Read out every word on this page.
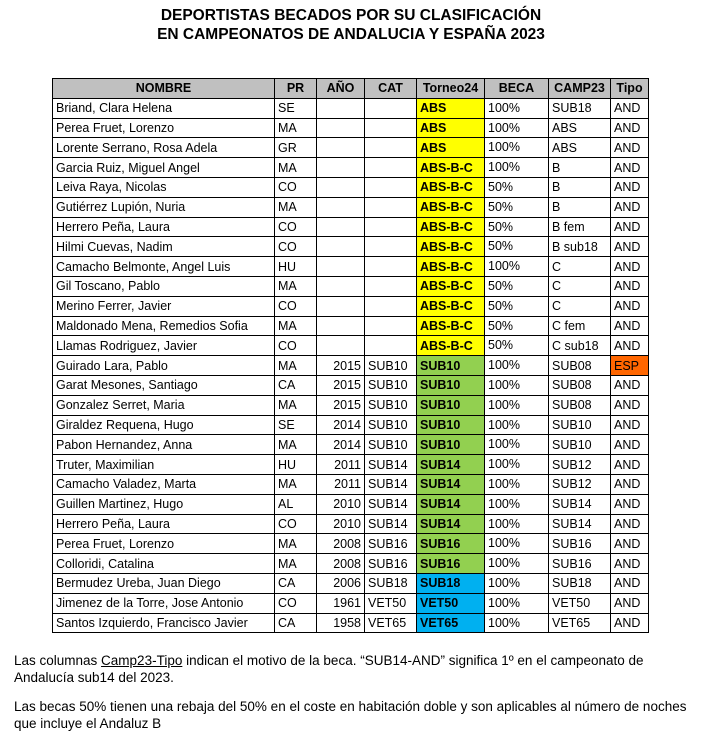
DEPORTISTAS BECADOS POR SU CLASIFICACIÓN
EN CAMPEONATOS DE ANDALUCIA Y ESPAÑA 2023
NOMBRE	PR	AÑO	CAT	Torneo24	BECA	CAMP23	Tipo
Briand, Clara Helena	SE			ABS	100%	SUB18	AND
Perea Fruet, Lorenzo	MA			ABS	100%	ABS	AND
Lorente Serrano, Rosa Adela	GR			ABS	100%	ABS	AND
Garcia Ruiz, Miguel Angel	MA			ABS-B-C	100%	B	AND
Leiva Raya, Nicolas	CO			ABS-B-C	50%	B	AND
Gutiérrez Lupión, Nuria	MA			ABS-B-C	50%	B	AND
Herrero Peña, Laura	CO			ABS-B-C	50%	B fem	AND
Hilmi Cuevas, Nadim	CO			ABS-B-C	50%	B sub18	AND
Camacho Belmonte, Angel Luis	HU			ABS-B-C	100%	C	AND
Gil Toscano, Pablo	MA			ABS-B-C	50%	C	AND
Merino Ferrer, Javier	CO			ABS-B-C	50%	C	AND
Maldonado Mena, Remedios Sofia	MA			ABS-B-C	50%	C fem	AND
Llamas Rodriguez, Javier	CO			ABS-B-C	50%	C sub18	AND
Guirado Lara, Pablo	MA	2015	SUB10	SUB10	100%	SUB08	ESP
Garat Mesones, Santiago	CA	2015	SUB10	SUB10	100%	SUB08	AND
Gonzalez Serret, Maria	MA	2015	SUB10	SUB10	100%	SUB08	AND
Giraldez Requena, Hugo	SE	2014	SUB10	SUB10	100%	SUB10	AND
Pabon Hernandez, Anna	MA	2014	SUB10	SUB10	100%	SUB10	AND
Truter, Maximilian	HU	2011	SUB14	SUB14	100%	SUB12	AND
Camacho Valadez, Marta	MA	2011	SUB14	SUB14	100%	SUB12	AND
Guillen Martinez, Hugo	AL	2010	SUB14	SUB14	100%	SUB14	AND
Herrero Peña, Laura	CO	2010	SUB14	SUB14	100%	SUB14	AND
Perea Fruet, Lorenzo	MA	2008	SUB16	SUB16	100%	SUB16	AND
Colloridi, Catalina	MA	2008	SUB16	SUB16	100%	SUB16	AND
Bermudez Ureba, Juan Diego	CA	2006	SUB18	SUB18	100%	SUB18	AND
Jimenez de la Torre, Jose Antonio	CO	1961	VET50	VET50	100%	VET50	AND
Santos Izquierdo, Francisco Javier	CA	1958	VET65	VET65	100%	VET65	AND
Las columnas Camp23-Tipo indican el motivo de la beca. “SUB14-AND” significa 1º en el campeonato de Andalucía sub14 del 2023.
Las becas 50% tienen una rebaja del 50% en el coste en habitación doble y son aplicables al número de noches que incluye el Andaluz B
